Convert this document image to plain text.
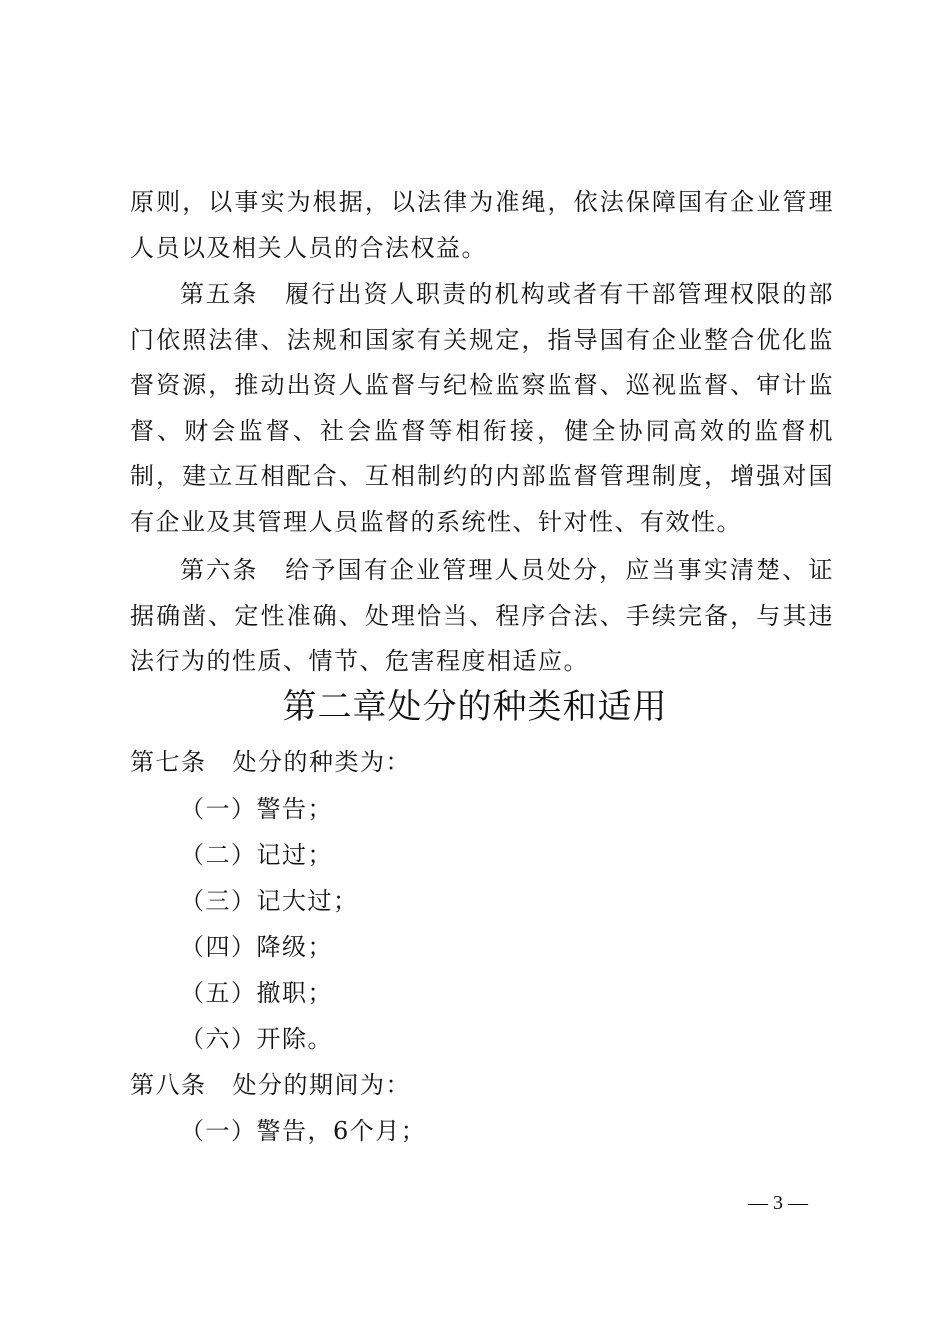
原则，以事实为根据，以法律为准绳，依法保障国有企业管理人员以及相关人员的合法权益。

第五条 履行出资人职责的机构或者有干部管理权限的部门依照法律、法规和国家有关规定，指导国有企业整合优化监督资源，推动出资人监督与纪检监察监督、巡视监督、审计监督、财会监督、社会监督等相衔接，健全协同高效的监督机制，建立互相配合、互相制约的内部监督管理制度，增强对国有企业及其管理人员监督的系统性、针对性、有效性。

第六条 给予国有企业管理人员处分，应当事实清楚、证据确凿、定性准确、处理恰当、程序合法、手续完备，与其违法行为的性质、情节、危害程度相适应。

第二章处分的种类和适用

第七条 处分的种类为：

（一）警告；

（二）记过；

（三）记大过；

（四）降级；

（五）撤职；

（六）开除。

第八条 处分的期间为：

（一）警告，6个月；

— 3 —
